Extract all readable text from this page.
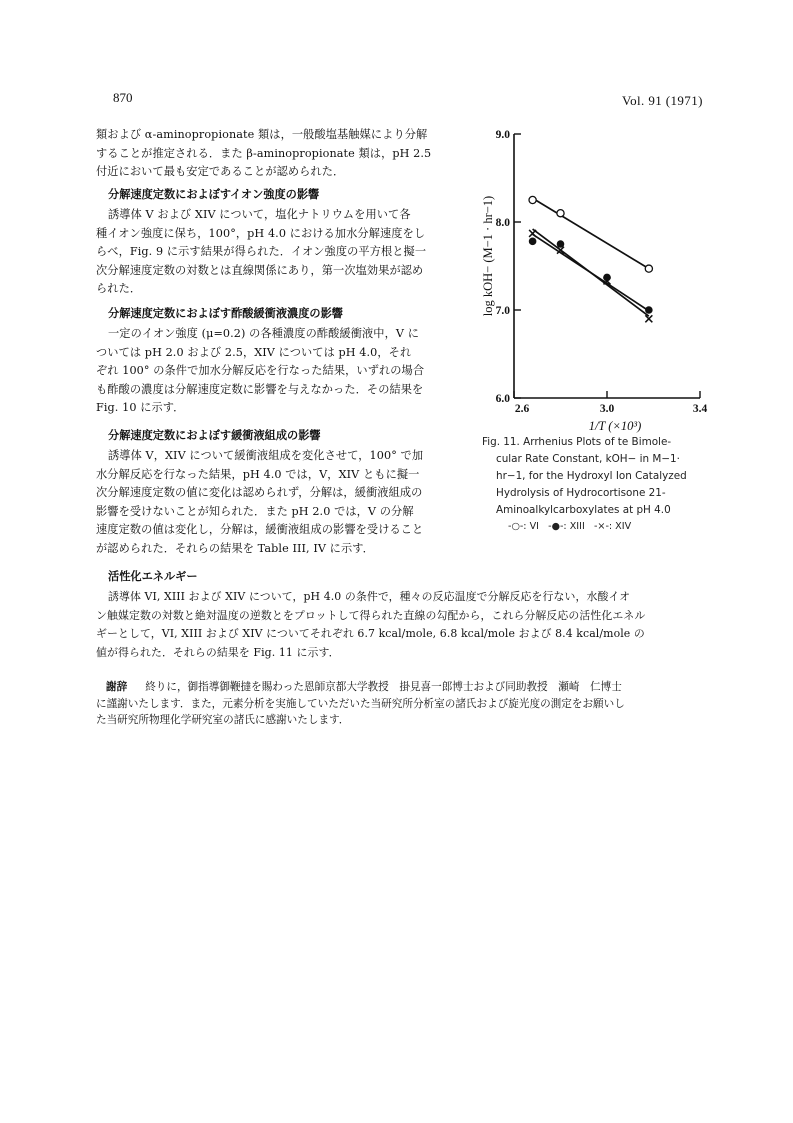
870	Vol. 91 (1971)
類および α-aminopropionate 類は，一般酸塩基触媒により分解
することが推定される．また β-aminopropionate 類は，pH 2.5
付近において最も安定であることが認められた．
分解速度定数におよぼすイオン強度の影響
誘導体 V および XIV について，塩化ナトリウムを用いて各
種イオン強度に保ち，100°，pH 4.0 における加水分解速度をし
らべ，Fig. 9 に示す結果が得られた．イオン強度の平方根と擬一
次分解速度定数の対数とは直線関係にあり，第一次塩効果が認め
られた．
分解速度定数におよぼす酢酸緩衝液濃度の影響
一定のイオン強度 (μ=0.2) の各種濃度の酢酸緩衝液中，V に
ついては pH 2.0 および 2.5，XIV については pH 4.0，それ
ぞれ 100° の条件で加水分解反応を行なった結果，いずれの場合
も酢酸の濃度は分解速度定数に影響を与えなかった．その結果を
Fig. 10 に示す．
分解速度定数におよぼす緩衝液組成の影響
誘導体 V，XIV について緩衝液組成を変化させて，100° で加
水分解反応を行なった結果，pH 4.0 では，V，XIV ともに擬一
次分解速度定数の値に変化は認められず，分解は，緩衝液組成の
影響を受けないことが知られた．また pH 2.0 では，V の分解
速度定数の値は変化し，分解は，緩衝液組成の影響を受けること
が認められた．それらの結果を Table III, IV に示す．
活性化エネルギー
誘導体 VI, XIII および XIV について，pH 4.0 の条件で，種々の反応温度で分解反応を行ない，水酸イオ
ン触媒定数の対数と絶対温度の逆数とをプロットして得られた直線の勾配から，これら分解反応の活性化エネル
ギーとして，VI, XIII および XIV についてそれぞれ 6.7 kcal/mole, 6.8 kcal/mole および 8.4 kcal/mole の
値が得られた．それらの結果を Fig. 11 に示す．
謝辞 終りに，御指導御鞭撻を賜わった恩師京都大学教授　掛見喜一郎博士および同助教授　瀬崎　仁博士
に謹謝いたします．また，元素分析を実施していただいた当研究所分析室の諸氏および旋光度の測定をお願いし
た当研究所物理化学研究室の諸氏に感謝いたします．
6.0
7.0
8.0
9.0
2.6	3.0	3.4
1/T (×10³)
log kOH− (M−1 · hr−1)
Fig. 11. Arrhenius Plots of te Bimole-
cular Rate Constant, kOH− in M−1·
hr−1, for the Hydroxyl Ion Catalyzed
Hydrolysis of Hydrocortisone 21-
Aminoalkylcarboxylates at pH 4.0
-○-: VI -●-: XIII -×-: XIV
